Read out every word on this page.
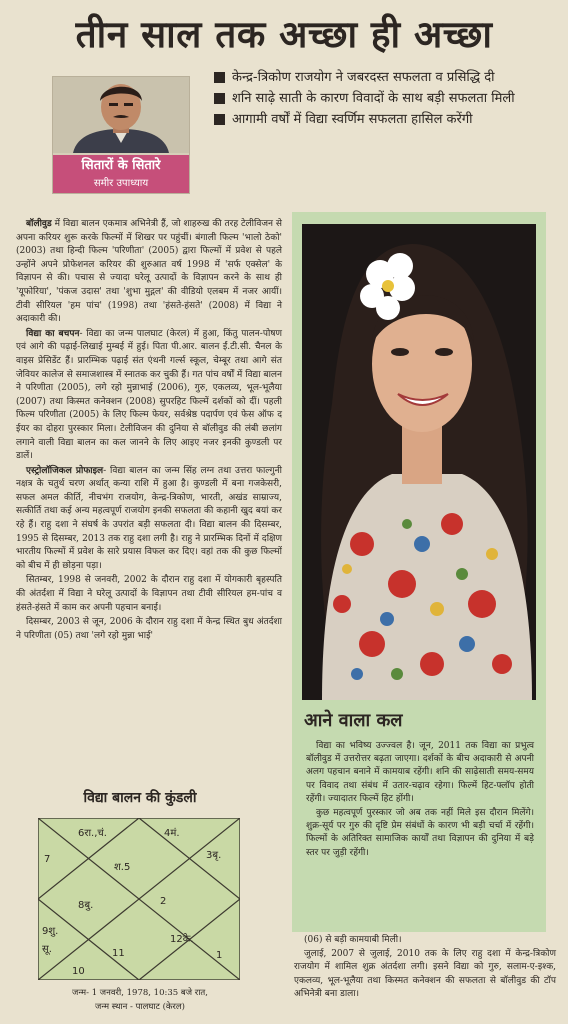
तीन साल तक अच्छा ही अच्छा
सितारों के सितारे
समीर उपाध्याय
केन्द्र-त्रिकोण राजयोग ने जबरदस्त सफलता व प्रसिद्धि दी
शनि साढ़े साती के कारण विवादों के साथ बड़ी सफलता मिली
आगामी वर्षों में विद्या स्वर्णिम सफलता हासिल करेंगी

बॉलीवुड में विद्या बालन एकमात्र अभिनेत्री हैं, जो शाहरुख की तरह टेलीविजन से अपना करियर शुरू करके फिल्मों में शिखर पर पहुंचीं। बंगाली फिल्म 'भालो ठेको' (2003) तथा हिन्दी फिल्म 'परिणीता' (2005) द्वारा फिल्मों में प्रवेश से पहले उन्होंने अपने प्रोफेशनल करियर की शुरुआत वर्ष 1998 में 'सर्फ एक्सेल' के विज्ञापन से की। पचास से ज्यादा घरेलू उत्पादों के विज्ञापन करने के साथ ही 'यूफोरिया', 'पंकज उदास' तथा 'शुभा मुद्गल' की वीडियो एलबम में नजर आयीं। टीवी सीरियल 'हम पांच' (1998) तथा 'हंसते-हंसते' (2008) में विद्या ने अदाकारी की।

विद्या का बचपन- विद्या का जन्म पालघाट (केरल) में हुआ, किंतु पालन-पोषण एवं आगे की पढ़ाई-लिखाई मुम्बई में हुई। पिता पी.आर. बालन ईं.टी.सी. चैनल के वाइस प्रेसिडेंट हैं। प्रारम्भिक पढ़ाई संत एंथनी गर्ल्स स्कूल, चेम्बूर तथा आगे संत जेवियर कालेज से समाजशास्त्र में स्नातक कर चुकी हैं। गत पांच वर्षों में विद्या बालन ने परिणीता (2005), लगे रहो मुन्नाभाई (2006), गुरु, एकलव्य, भूल-भूलैया (2007) तथा किस्मत कनेक्शन (2008) सुपरहिट फिल्में दर्शकों को दीं। पहली फिल्म परिणीता (2005) के लिए फिल्म फेयर, सर्वश्रेष्ठ पदार्पण एवं फेस ऑफ द ईयर का दोहरा पुरस्कार मिला। टेलीविजन की दुनिया से बॉलीवुड की लंबी छलांग लगाने वाली विद्या बालन का कल जानने के लिए आइए नजर इनकी कुण्डली पर डालें।

एस्ट्रोलॉजिकल प्रोफाइल- विद्या बालन का जन्म सिंह लग्न तथा उत्तरा फाल्गुनी नक्षत्र के चतुर्थ चरण अर्थात् कन्या राशि में हुआ है। कुण्डली में बना गजकेसरी, सफल अमल कीर्ति, नीचभंग राजयोग, केन्द्र-त्रिकोण, भारती, अखंड साम्राज्य, सत्कीर्ति तथा कई अन्य महत्वपूर्ण राजयोग इनकी सफलता की कहानी खुद बयां कर रहे हैं। राहु दशा ने संघर्ष के उपरांत बड़ी सफलता दी। विद्या बालन की दिसम्बर, 1995 से दिसम्बर, 2013 तक राहु दशा लगी है। राहु ने प्रारम्भिक दिनों में दक्षिण भारतीय फिल्मों में प्रवेश के सारे प्रयास विफल कर दिए। वहां तक की कुछ फिल्मों को बीच में ही छोड़ना पड़ा।

सितम्बर, 1998 से जनवरी, 2002 के दौरान राहु दशा में योगकारी बृहस्पति की अंतर्दशा में विद्या ने घरेलू उत्पादों के विज्ञापन तथा टीवी सीरियल हम-पांच व हंसते-हंसते में काम कर अपनी पहचान बनाई।

दिसम्बर, 2003 से जून, 2006 के दौरान राहु दशा में केन्द्र स्थित बुध अंतर्दशा ने परिणीता (05) तथा 'लगे रहो मुन्ना भाई'

विद्या बालन की कुंडली
6रा.,चं.	4मं.
3बृ.
7
श.5
8बु.	2
9शु.
सू.	11
12के.
1
10
जन्म- 1 जनवरी, 1978, 10:35 बजे रात,
जन्म स्थान - पालघाट (केरल)
आने वाला कल

विद्या का भविष्य उज्ज्वल है। जून, 2011 तक विद्या का प्रभुत्व बॉलीवुड में उत्तरोत्तर बढ़ता जाएगा। दर्शकों के बीच अदाकारी से अपनी अलग पहचान बनाने में कामयाब रहेंगी। शनि की साढ़ेसाती समय-समय पर विवाद तथा संबंध में उतार-चढ़ाव रहेगा। फिल्में हिट-फ्लॉप होती रहेंगी। ज्यादातर फिल्में हिट होंगी।

कुछ महत्वपूर्ण पुरस्कार जो अब तक नहीं मिले इस दौरान मिलेंगे। शुक्र-सूर्य पर गुरु की दृष्टि प्रेम संबंधों के कारण भी बड़ी चर्चा में रहेंगी। फिल्मों के अतिरिक्त सामाजिक कार्यों तथा विज्ञापन की दुनिया में बड़े स्तर पर जुड़ी रहेंगी।

(06) से बड़ी कामयाबी मिली।

जुलाई, 2007 से जुलाई, 2010 तक के लिए राहु दशा में केन्द्र-त्रिकोण राजयोग में शामिल शुक्र अंतर्दशा लगी। इसने विद्या को गुरु, सलाम-ए-इश्क, एकलव्य, भूल-भूलैया तथा किस्मत कनेक्शन की सफलता से बॉलीवुड की टॉप अभिनेत्री बना डाला।
